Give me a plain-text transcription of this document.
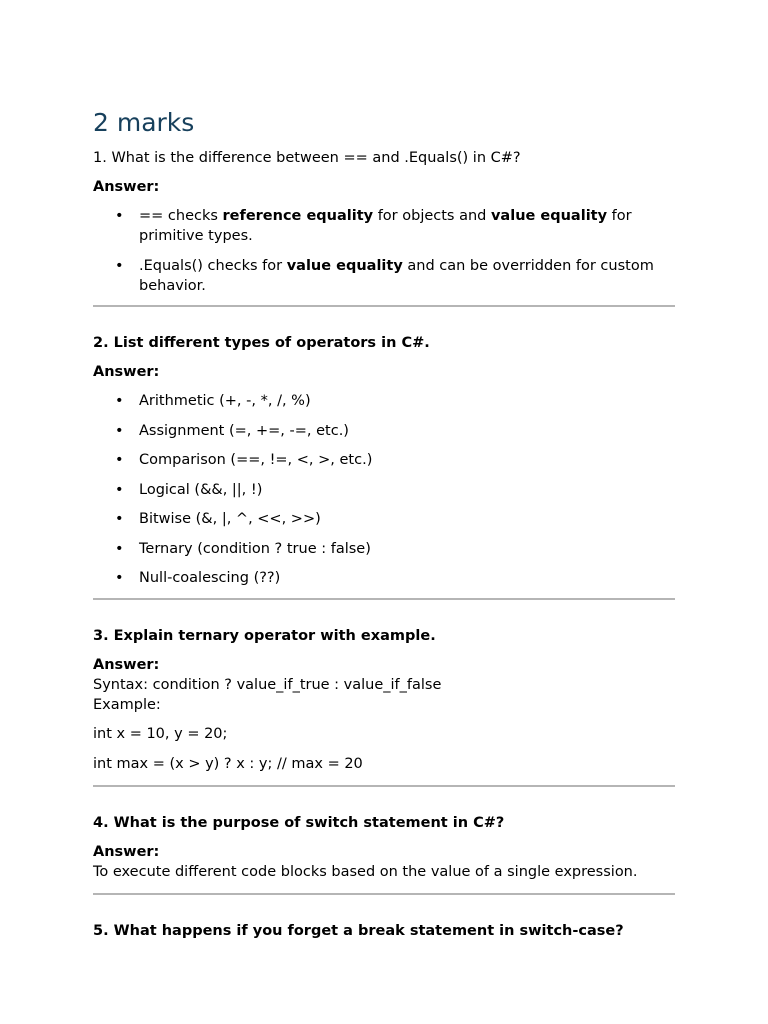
2 marks
1. What is the difference between == and .Equals() in C#?
Answer:
• == checks reference equality for objects and value equality for primitive types.
• .Equals() checks for value equality and can be overridden for custom behavior.
2. List different types of operators in C#.
Answer:
• Arithmetic (+, -, *, /, %)
• Assignment (=, +=, -=, etc.)
• Comparison (==, !=, <, >, etc.)
• Logical (&&, ||, !)
• Bitwise (&, |, ^, <<, >>)
• Ternary (condition ? true : false)
• Null-coalescing (??)
3. Explain ternary operator with example.
Answer:
Syntax: condition ? value_if_true : value_if_false
Example:
int x = 10, y = 20;
int max = (x > y) ? x : y; // max = 20
4. What is the purpose of switch statement in C#?
Answer:
To execute different code blocks based on the value of a single expression.
5. What happens if you forget a break statement in switch-case?
